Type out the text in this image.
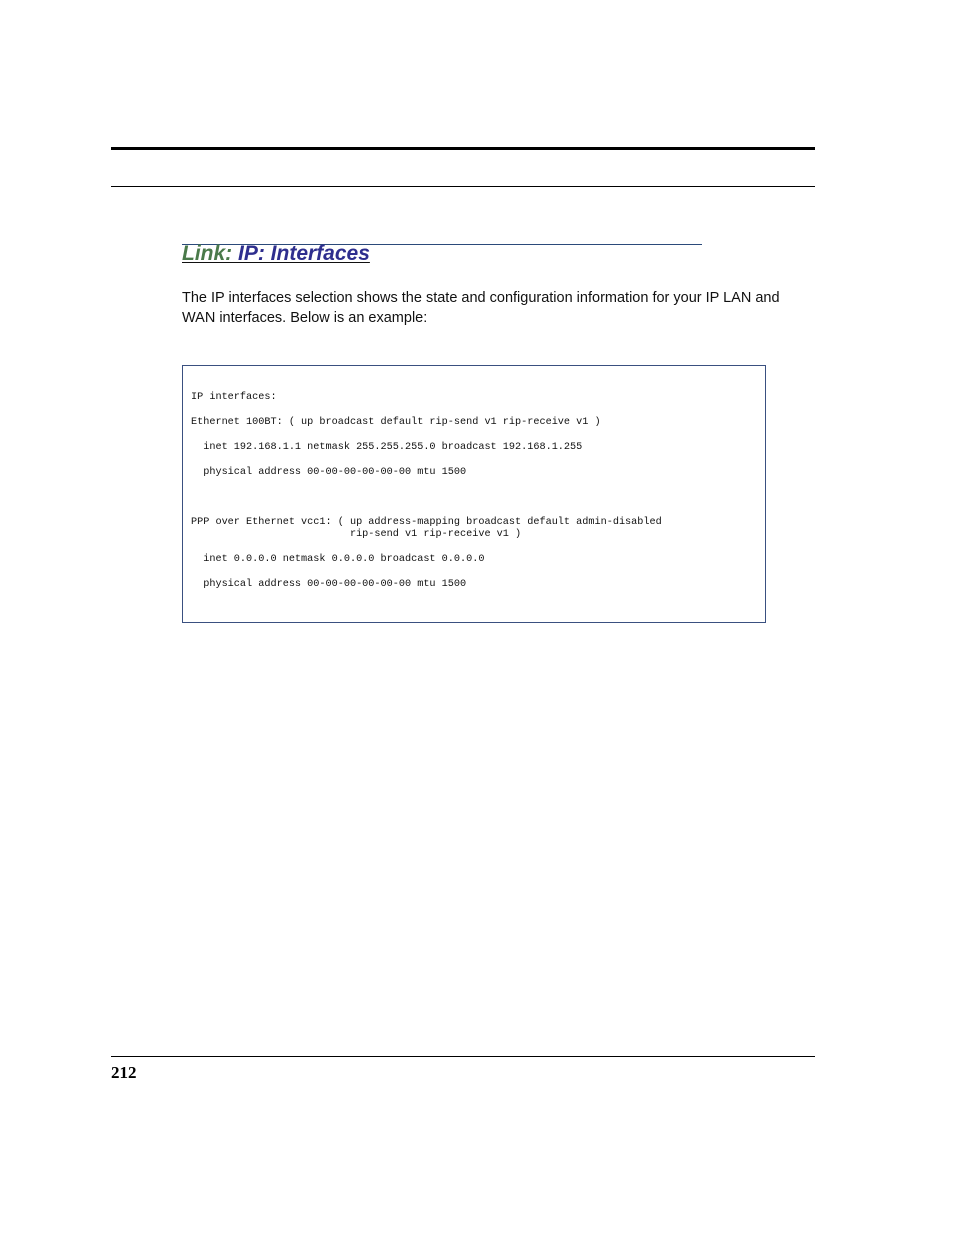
Link: IP: Interfaces

The IP interfaces selection shows the state and configuration information for your IP LAN and WAN interfaces. Below is an example:

IP interfaces:

Ethernet 100BT: ( up broadcast default rip-send v1 rip-receive v1 )

inet 192.168.1.1 netmask 255.255.255.0 broadcast 192.168.1.255

physical address 00-00-00-00-00-00 mtu 1500

PPP over Ethernet vcc1: ( up address-mapping broadcast default admin-disabled
rip-send v1 rip-receive v1 )

inet 0.0.0.0 netmask 0.0.0.0 broadcast 0.0.0.0

physical address 00-00-00-00-00-00 mtu 1500

212
